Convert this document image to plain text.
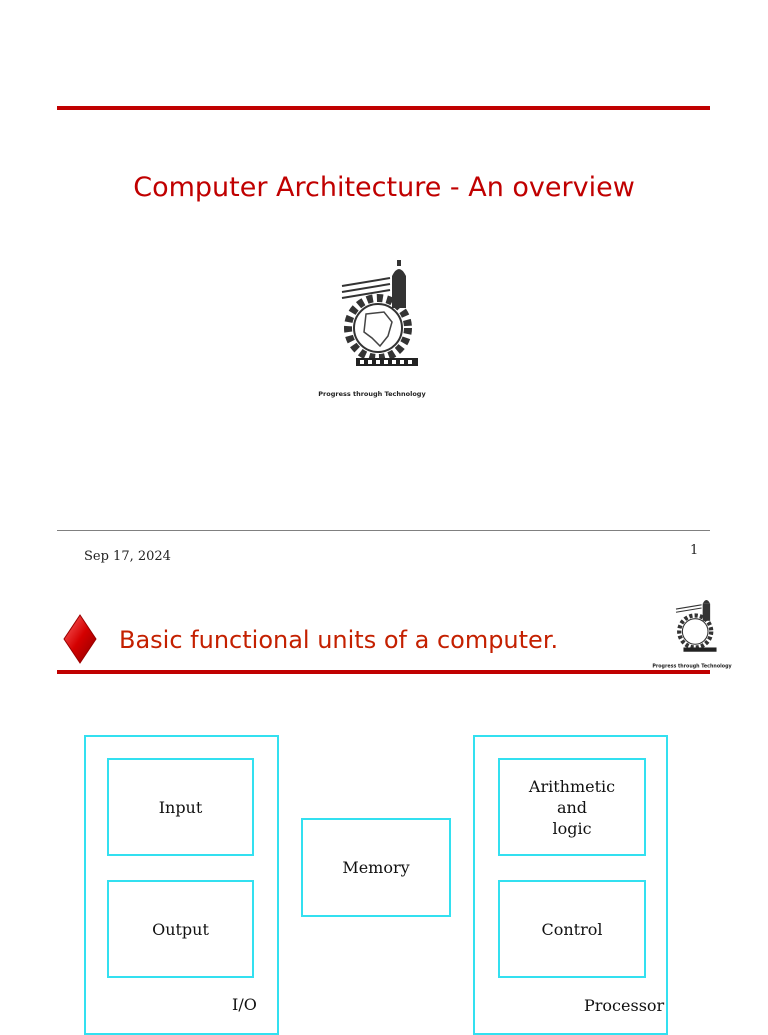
Computer Architecture - An overview
Progress through Technology
Sep 17, 2024	1
Basic functional units of a computer.
Progress through Technology
Input
Output
I/O
Memory
Arithmetic
and
logic
Control
Processor
